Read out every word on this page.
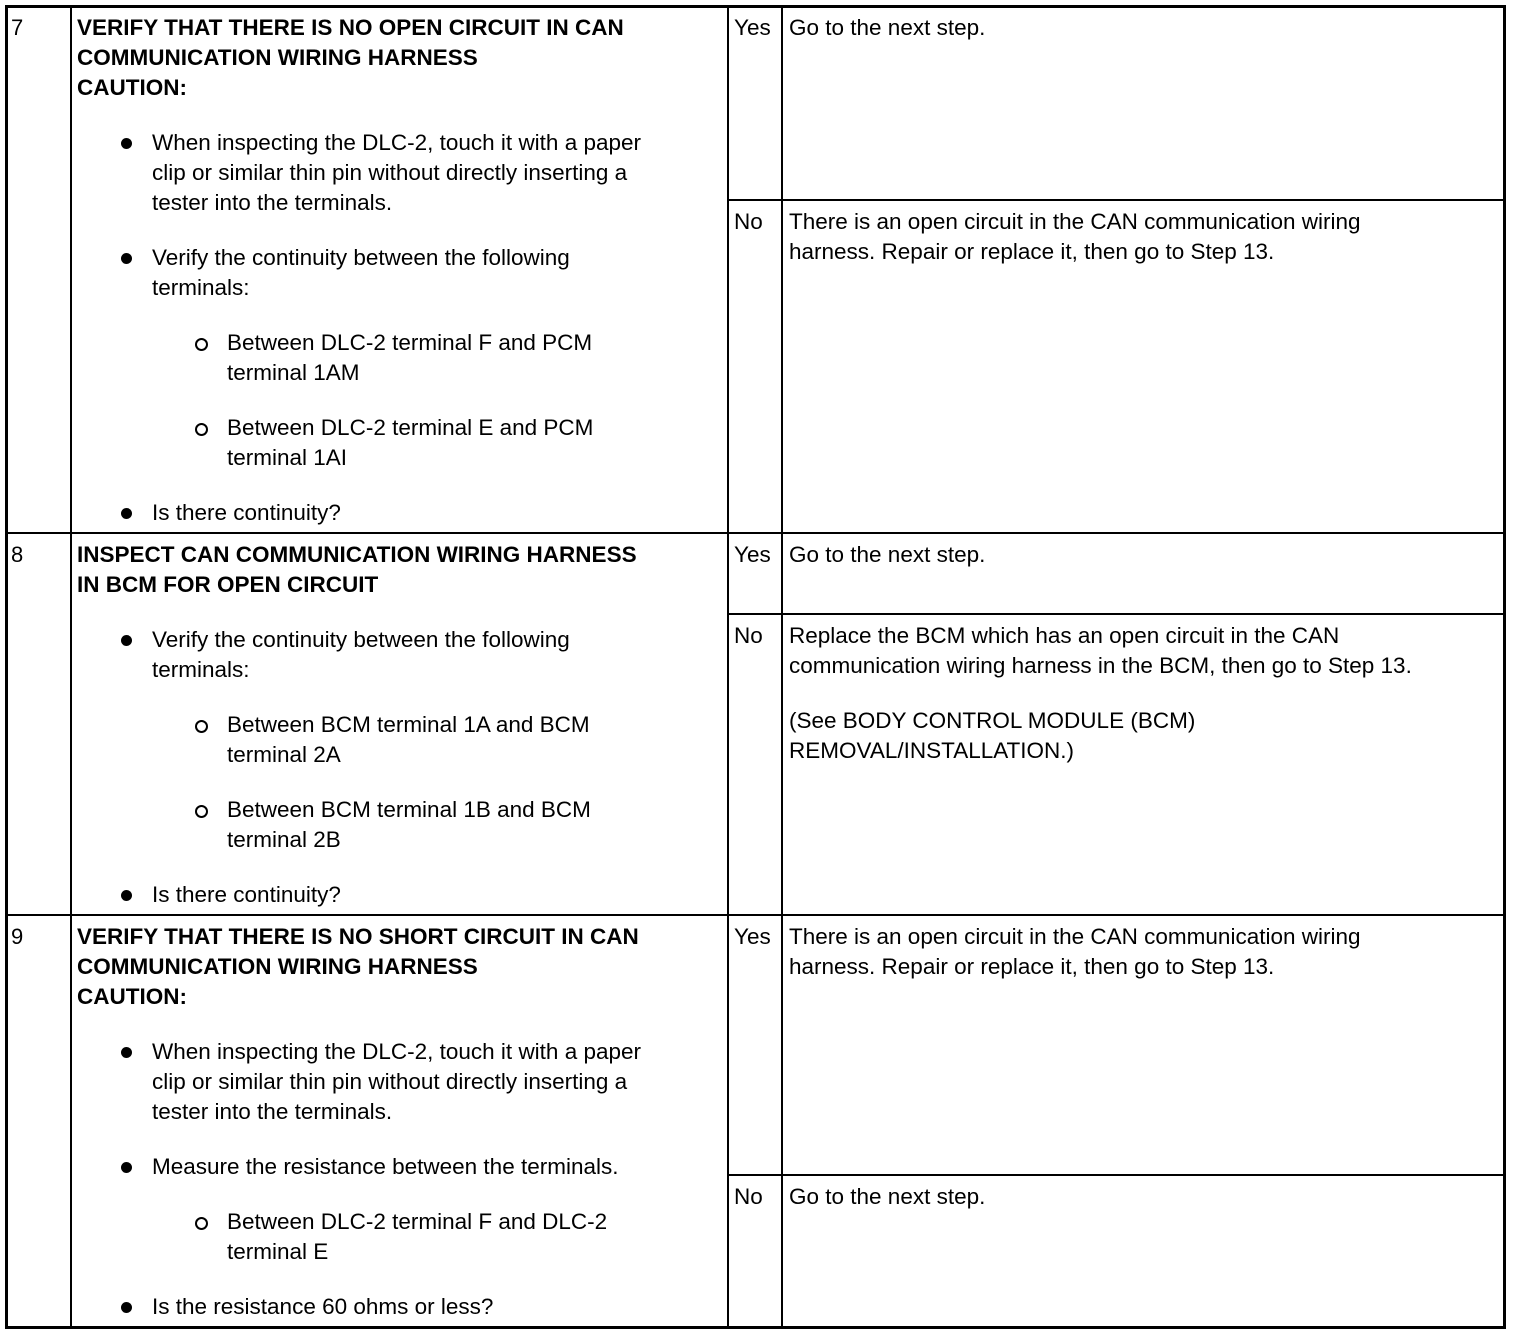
7 VERIFY THAT THERE IS NO OPEN CIRCUIT IN CAN
COMMUNICATION WIRING HARNESS
CAUTION:
When inspecting the DLC-2, touch it with a paper
clip or similar thin pin without directly inserting a
tester into the terminals.
Verify the continuity between the following
terminals:
Between DLC-2 terminal F and PCM
terminal 1AM
Between DLC-2 terminal E and PCM
terminal 1AI
Is there continuity?
Yes Go to the next step.
No There is an open circuit in the CAN communication wiring
harness. Repair or replace it, then go to Step 13.
8 INSPECT CAN COMMUNICATION WIRING HARNESS
IN BCM FOR OPEN CIRCUIT
Verify the continuity between the following
terminals:
Between BCM terminal 1A and BCM
terminal 2A
Between BCM terminal 1B and BCM
terminal 2B
Is there continuity?
Yes Go to the next step.
No Replace the BCM which has an open circuit in the CAN
communication wiring harness in the BCM, then go to Step 13.
(See BODY CONTROL MODULE (BCM)
REMOVAL/INSTALLATION.)
9 VERIFY THAT THERE IS NO SHORT CIRCUIT IN CAN
COMMUNICATION WIRING HARNESS
CAUTION:
When inspecting the DLC-2, touch it with a paper
clip or similar thin pin without directly inserting a
tester into the terminals.
Measure the resistance between the terminals.
Between DLC-2 terminal F and DLC-2
terminal E
Is the resistance 60 ohms or less?
Yes There is an open circuit in the CAN communication wiring
harness. Repair or replace it, then go to Step 13.
No Go to the next step.
